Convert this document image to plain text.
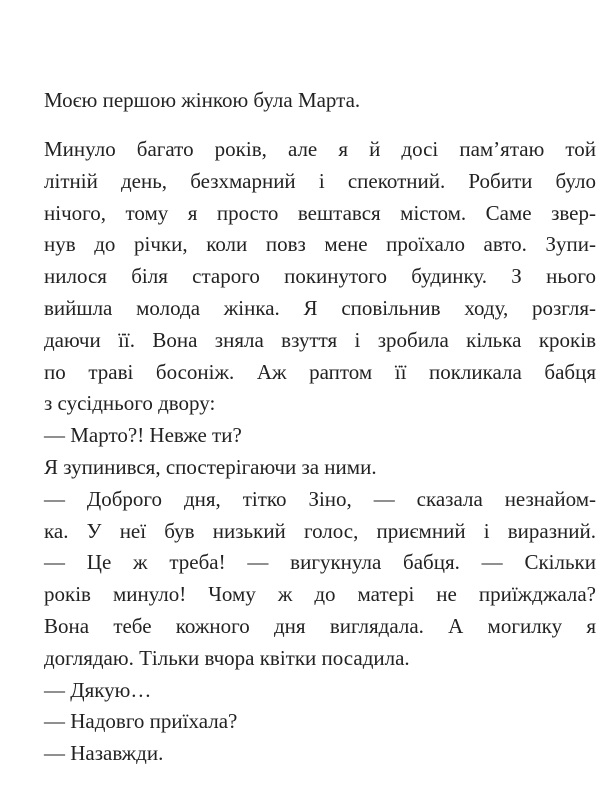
Моєю першою жінкою була Марта.
Минуло багато років, але я й досі пам’ятаю той
літній день, безхмарний і спекотний. Робити було
нічого, тому я просто вештався містом. Саме звер-
нув до річки, коли повз мене проїхало авто. Зупи-
нилося біля старого покинутого будинку. З нього
вийшла молода жінка. Я сповільнив ходу, розгля-
даючи її. Вона зняла взуття і зробила кілька кроків
по траві босоніж. Аж раптом її покликала бабця
з сусіднього двору:
— Марто?! Невже ти?
Я зупинився, спостерігаючи за ними.
— Доброго дня, тітко Зіно, — сказала незнайом-
ка. У неї був низький голос, приємний і виразний.
— Це ж треба! — вигукнула бабця. — Скільки
років минуло! Чому ж до матері не приїжджала?
Вона тебе кожного дня виглядала. А могилку я
доглядаю. Тільки вчора квітки посадила.
— Дякую…
— Надовго приїхала?
— Назавжди.
